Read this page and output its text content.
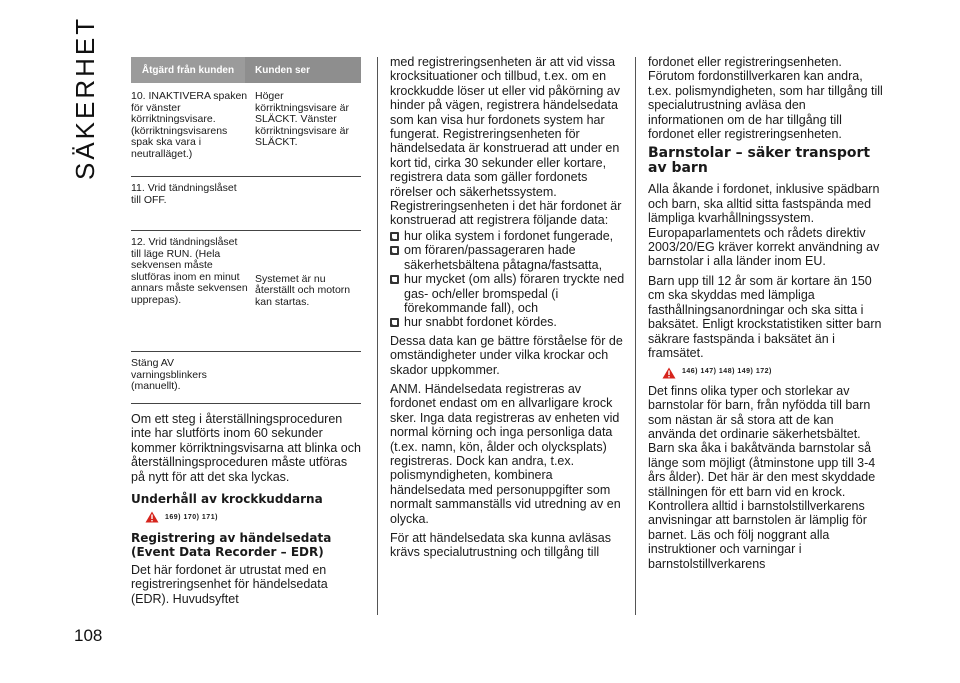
SÄKERHET
108
Åtgärd från kunden	Kunden ser
10. INAKTIVERA spaken för vänster körriktningsvisare. (körriktningsvisarens spak ska vara i neutralläget.)
Höger körriktningsvisare är SLÄCKT. Vänster körriktningsvisare är SLÄCKT.
11. Vrid tändningslåset till OFF.
12. Vrid tändningslåset till läge RUN. (Hela sekvensen måste slutföras inom en minut annars måste sekvensen upprepas).
Systemet är nu återställt och motorn kan startas.
Stäng AV varningsblinkers (manuellt).

Om ett steg i återställningsproceduren inte har slutförts inom 60 sekunder kommer körriktningsvisarna att blinka och återställningsproceduren måste utföras på nytt för att det ska lyckas.

Underhåll av krockkuddarna
169) 170) 171)
Registrering av händelsedata (Event Data Recorder – EDR)

Det här fordonet är utrustat med en registreringsenhet för händelsedata (EDR). Huvudsyftet

med registreringsenheten är att vid vissa krocksituationer och tillbud, t.ex. om en krockkudde löser ut eller vid påkörning av hinder på vägen, registrera händelsedata som kan visa hur fordonets system har fungerat. Registreringsenheten för händelsedata är konstruerad att under en kort tid, cirka 30 sekunder eller kortare, registrera data som gäller fordonets rörelser och säkerhetssystem. Registreringsenheten i det här fordonet är konstruerad att registrera följande data:

hur olika system i fordonet fungerade,
om föraren/passageraren hade säkerhetsbältena påtagna/fastsatta,
hur mycket (om alls) föraren tryckte ned gas- och/eller bromspedal (i förekommande fall), och
hur snabbt fordonet kördes.

Dessa data kan ge bättre förståelse för de omständigheter under vilka krockar och skador uppkommer.

ANM. Händelsedata registreras av fordonet endast om en allvarligare krock sker. Inga data registreras av enheten vid normal körning och inga personliga data (t.ex. namn, kön, ålder och olycksplats) registreras. Dock kan andra, t.ex. polismyndigheten, kombinera händelsedata med personuppgifter som normalt sammanställs vid utredning av en olycka.

För att händelsedata ska kunna avläsas krävs specialutrustning och tillgång till

fordonet eller registreringsenheten. Förutom fordonstillverkaren kan andra, t.ex. polismyndigheten, som har tillgång till specialutrustning avläsa den informationen om de har tillgång till fordonet eller registreringsenheten.

Barnstolar – säker transport av barn

Alla åkande i fordonet, inklusive spädbarn och barn, ska alltid sitta fastspända med lämpliga kvarhållningssystem. Europaparlamentets och rådets direktiv 2003/20/EG kräver korrekt användning av barnstolar i alla länder inom EU.

Barn upp till 12 år som är kortare än 150 cm ska skyddas med lämpliga fasthållningsanordningar och ska sitta i baksätet. Enligt krockstatistiken sitter barn säkrare fastspända i baksätet än i framsätet.

146) 147) 148) 149) 172)

Det finns olika typer och storlekar av barnstolar för barn, från nyfödda till barn som nästan är så stora att de kan använda det ordinarie säkerhetsbältet. Barn ska åka i bakåtvända barnstolar så länge som möjligt (åtminstone upp till 3-4 års ålder). Det här är den mest skyddade ställningen för ett barn vid en krock. Kontrollera alltid i barnstolstillverkarens anvisningar att barnstolen är lämplig för barnet. Läs och följ noggrant alla instruktioner och varningar i barnstolstillverkarens
